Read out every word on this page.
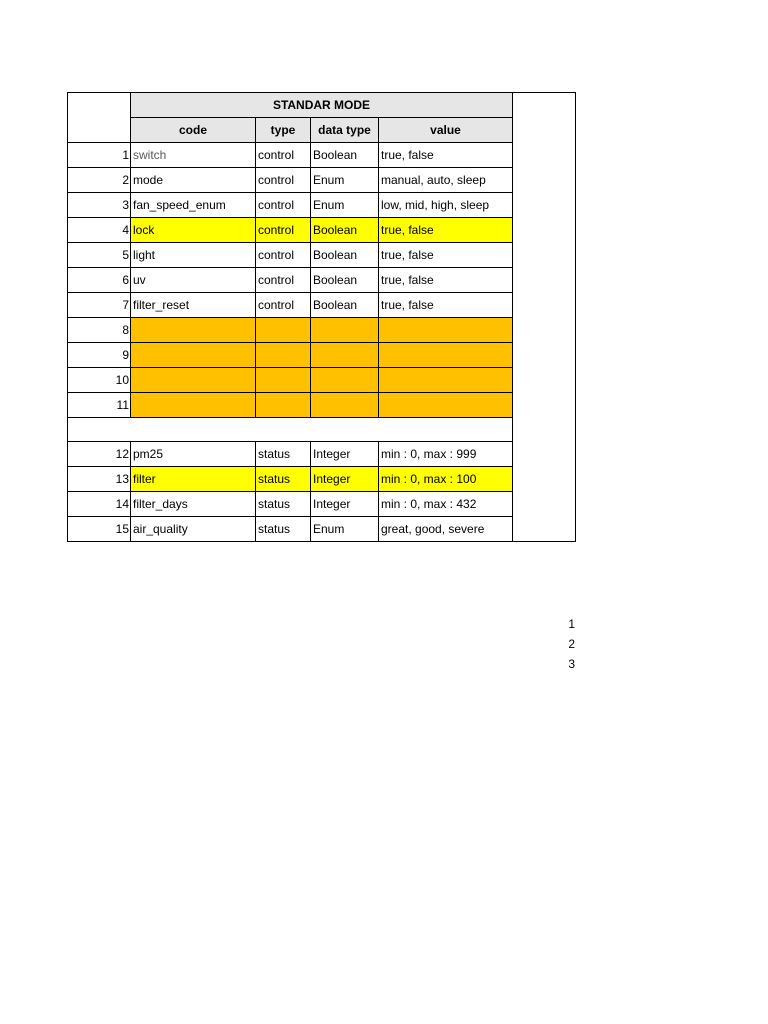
	STANDAR MODE				
	code	type	data type	value	
1	switch	control	Boolean	true, false	
2	mode	control	Enum	manual, auto, sleep	
3	fan_speed_enum	control	Enum	low, mid, high, sleep	
4	lock	control	Boolean	true, false	
5	light	control	Boolean	true, false	
6	uv	control	Boolean	true, false	
7	filter_reset	control	Boolean	true, false	
8					
9					
10					
11					

12	pm25	status	Integer	min : 0, max : 999	
13	filter	status	Integer	min : 0, max : 100	
14	filter_days	status	Integer	min : 0, max : 432	
15	air_quality	status	Enum	great, good, severe	
1
2
3
